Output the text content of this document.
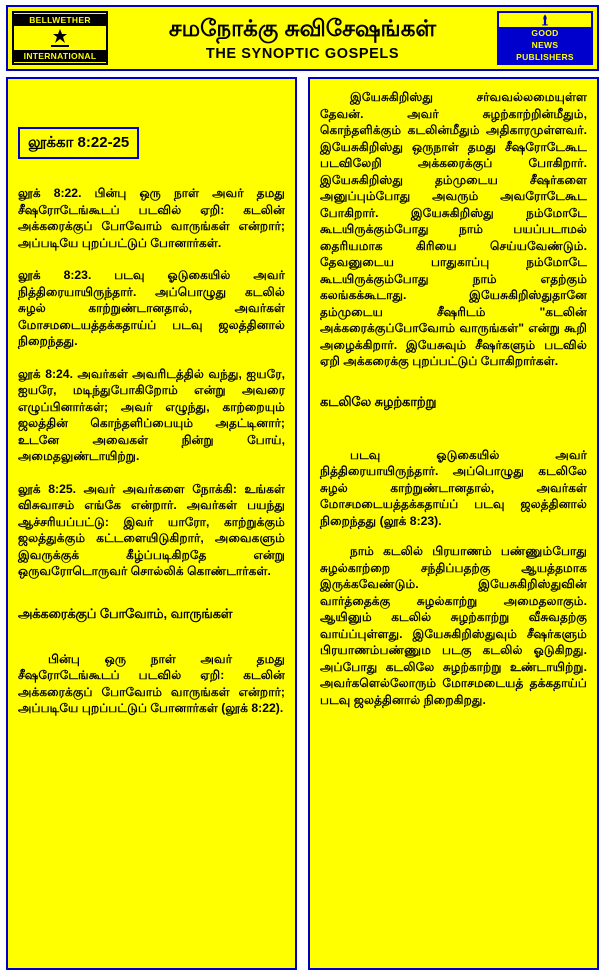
BELLWETHER
INTERNATIONAL
சமநோக்கு சுவிசேஷங்கள்
THE SYNOPTIC GOSPELS
GOOD
NEWS
PUBLISHERS
லூக்கா 8:22-25

லூக் 8:22. பின்பு ஒரு நாள் அவர் தமது சீஷரோடேங்கூடப் படவில் ஏறி: கடலின் அக்கரைக்குப் போவோம் வாருங்கள் என்றார்; அப்படியே புறப்பட்டுப் போனார்கள்.

லூக் 8:23. படவு ஓடுகையில் அவர் நித்திரையாயிருந்தார். அப்பொழுது கடலில் சுழல் காற்றுண்டானதால், அவர்கள் மோசமடையத்தக்கதாய்ப் படவு ஜலத்தினால் நிறைந்தது.

லூக் 8:24. அவர்கள் அவரிடத்தில் வந்து, ஐயரே, ஐயரே, மடிந்துபோகிறோம் என்று அவரை எழுப்பினார்கள்; அவர் எழுந்து, காற்றையும் ஜலத்தின் கொந்தளிப்பையும் அதட்டினார்; உடனே அவைகள் நின்று போய், அமைதலுண்டாயிற்று.

லூக் 8:25. அவர் அவர்களை நோக்கி: உங்கள் விசுவாசம் எங்கே என்றார். அவர்கள் பயந்து ஆச்சரியப்பட்டு: இவர் யாரோ, காற்றுக்கும் ஜலத்துக்கும் கட்டளையிடுகிறார், அவைகளும் இவருக்குக் கீழ்ப்படிகிறதே என்று ஒருவரோடொருவர் சொல்லிக் கொண்டார்கள்.

அக்கரைக்குப் போவோம், வாருங்கள்

பின்பு ஒரு நாள் அவர் தமது சீஷரோடேங்கூடப் படவில் ஏறி: கடலின் அக்கரைக்குப் போவோம் வாருங்கள் என்றார்; அப்படியே புறப்பட்டுப் போனார்கள் (லூக் 8:22).

இயேசுகிறிஸ்து சர்வவல்லமையுள்ள தேவன். அவர் சுழற்காற்றின்மீதும், கொந்தளிக்கும் கடலின்மீதும் அதிகாரமுள்ளவர். இயேசுகிறிஸ்து ஒருநாள் தமது சீஷரோடேகூட படவிலேறி அக்கரைக்குப் போகிறார். இயேசுகிறிஸ்து தம்முடைய சீஷர்களை அனுப்பும்போது அவரும் அவரோடேகூட போகிறார். இயேசுகிறிஸ்து நம்மோடே கூடயிருக்கும்போது நாம் பயப்படாமல் தைரியமாக கிரியை செய்யவேண்டும். தேவனுடைய பாதுகாப்பு நம்மோடே கூடயிருக்கும்போது நாம் எதற்கும் கலங்கக்கூடாது. இயேசுகிறிஸ்துதானே தம்முடைய சீஷரிடம் "கடலின் அக்கரைக்குப்போவோம் வாருங்கள்" என்று கூறி அழைக்கிறார். இயேசுவும் சீஷர்களும் படவில் ஏறி அக்கரைக்கு புறப்பட்டுப் போகிறார்கள்.

கடலிலே சுழற்காற்று

படவு ஓடுகையில் அவர் நித்திரையாயிருந்தார். அப்பொழுது கடலிலே சுழல் காற்றுண்டானதால், அவர்கள் மோசமடையத்தக்கதாய்ப் படவு ஜலத்தினால் நிறைந்தது (லூக் 8:23).

நாம் கடலில் பிரயாணம் பண்ணும்போது சுழல்காற்றை சந்திப்பதற்கு ஆயத்தமாக இருக்கவேண்டும். இயேசுகிறிஸ்துவின் வார்த்தைக்கு சுழல்காற்று அமைதலாகும். ஆயினும் கடலில் சுழற்காற்று வீசுவதற்கு வாய்ப்புள்ளது. இயேசுகிறிஸ்துவும் சீஷர்களும் பிரயாணம்பண்ணும படகு கடலில் ஓடுகிறது. அப்போது கடலிலே சுழற்காற்று உண்டாயிற்று. அவர்களெல்லோரும் மோசமடையத் தக்கதாய்ப் படவு ஜலத்தினால் நிறைகிறது.
